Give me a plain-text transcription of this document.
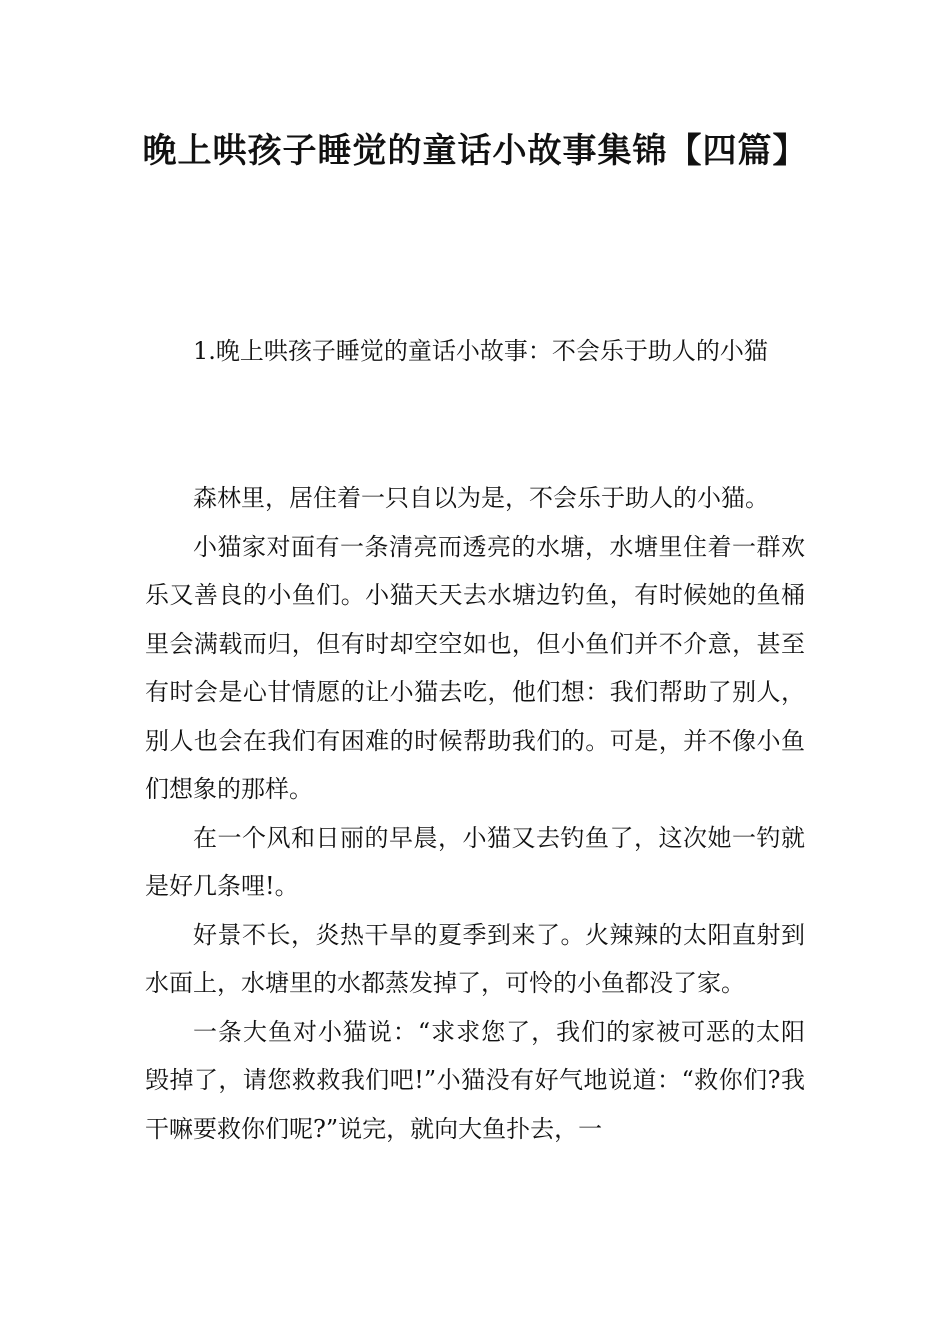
晚上哄孩子睡觉的童话小故事集锦【四篇】

1.晚上哄孩子睡觉的童话小故事：不会乐于助人的小猫

森林里，居住着一只自以为是，不会乐于助人的小猫。

小猫家对面有一条清亮而透亮的水塘，水塘里住着一群欢乐又善良的小鱼们。小猫天天去水塘边钓鱼，有时候她的鱼桶里会满载而归，但有时却空空如也，但小鱼们并不介意，甚至有时会是心甘情愿的让小猫去吃，他们想：我们帮助了别人，别人也会在我们有困难的时候帮助我们的。可是，并不像小鱼们想象的那样。

在一个风和日丽的早晨，小猫又去钓鱼了，这次她一钓就是好几条哩!。

好景不长，炎热干旱的夏季到来了。火辣辣的太阳直射到水面上，水塘里的水都蒸发掉了，可怜的小鱼都没了家。

一条大鱼对小猫说：“求求您了，我们的家被可恶的太阳毁掉了，请您救救我们吧!”小猫没有好气地说道：“救你们?我干嘛要救你们呢?”说完，就向大鱼扑去，一
